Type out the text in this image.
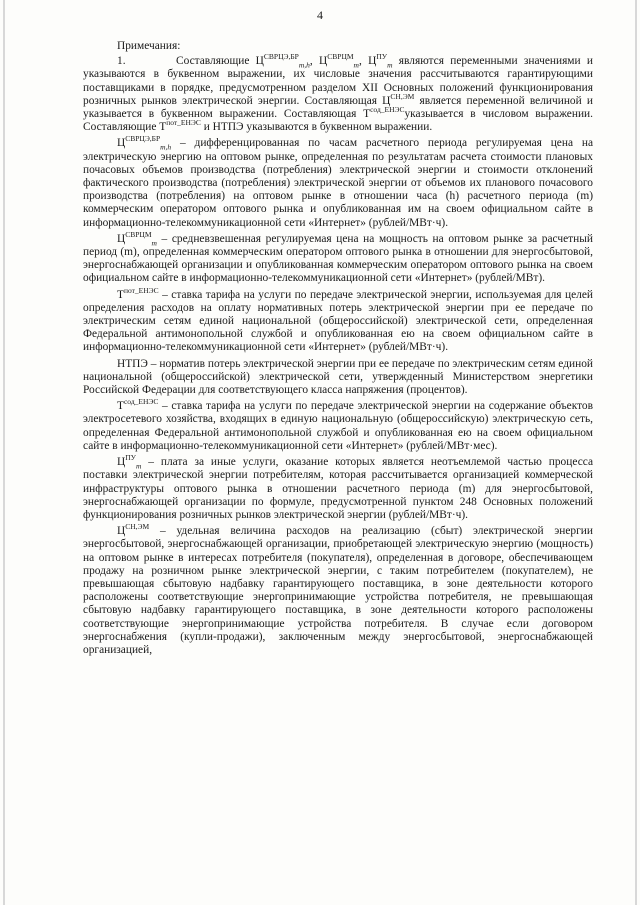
4

Примечания:

1.        Составляющие $Ц^{СВРЦЭ,БР}_{m,h}$, $Ц^{СВРЦМ}_m$, $Ц^{ПУ}_m$ являются переменными значениями и указываются в буквенном выражении, их числовые значения рассчитываются гарантирующими поставщиками в порядке, предусмотренном разделом XII Основных положений функционирования розничных рынков электрической энергии. Составляющая $Ц^{СН,ЭМ}$ является переменной величиной и указывается в буквенном выражении. Составляющая $Т^{сод\_ЕНЭС}указывается$ в числовом выражении. Составляющие $Т^{пот\_ЕНЭС}$ и НТПЭ указываются в буквенном выражении.

$Ц^{СВРЦЭ,БР}_{m,h}$ – дифференцированная по часам расчетного периода регулируемая цена на электрическую энергию на оптовом рынке, определенная по результатам расчета стоимости плановых почасовых объемов производства (потребления) электрической энергии и стоимости отклонений фактического производства (потребления) электрической энергии от объемов их планового почасового производства (потребления) на оптовом рынке в отношении часа (h) расчетного периода (m) коммерческим оператором оптового рынка и опубликованная им на своем официальном сайте в информационно-телекоммуникационной сети «Интернет» (рублей/МВт·ч).

$Ц^{СВРЦМ}_m$ – средневзвешенная регулируемая цена на мощность на оптовом рынке за расчетный период (m), определенная коммерческим оператором оптового рынка в отношении для энергосбытовой, энергоснабжающей организации и опубликованная коммерческим оператором оптового рынка на своем официальном сайте в информационно-телекоммуникационной сети «Интернет» (рублей/МВт).

$Т^{пот\_ЕНЭС}$ – ставка тарифа на услуги по передаче электрической энергии, используемая для целей определения расходов на оплату нормативных потерь электрической энергии при ее передаче по электрическим сетям единой национальной (общероссийской) электрической сети, определенная Федеральной антимонопольной службой и опубликованная ею на своем официальном сайте в информационно-телекоммуникационной сети «Интернет» (рублей/МВт·ч).

НТПЭ – норматив потерь электрической энергии при ее передаче по электрическим сетям единой национальной (общероссийской) электрической сети, утвержденный Министерством энергетики Российской Федерации для соответствующего класса напряжения (процентов).

$Т^{сод\_ЕНЭС}$ – ставка тарифа на услуги по передаче электрической энергии на содержание объектов электросетевого хозяйства, входящих в единую национальную (общероссийскую) электрическую сеть, определенная Федеральной антимонопольной службой и опубликованная ею на своем официальном сайте в информационно-телекоммуникационной сети «Интернет» (рублей/МВт·мес).

$Ц^{ПУ}_m$ – плата за иные услуги, оказание которых является неотъемлемой частью процесса поставки электрической энергии потребителям, которая рассчитывается организацией коммерческой инфраструктуры оптового рынка в отношении расчетного периода (m) для энергосбытовой, энергоснабжающей организации по формуле, предусмотренной пунктом 248 Основных положений функционирования розничных рынков электрической энергии (рублей/МВт·ч).

$Ц^{СН,ЭМ}$ – удельная величина расходов на реализацию (сбыт) электрической энергии энергосбытовой, энергоснабжающей организации, приобретающей электрическую энергию (мощность) на оптовом рынке в интересах потребителя (покупателя), определенная в договоре, обеспечивающем продажу на розничном рынке электрической энергии, с таким потребителем (покупателем), не превышающая сбытовую надбавку гарантирующего поставщика, в зоне деятельности которого расположены соответствующие энергопринимающие устройства потребителя, не превышающая сбытовую надбавку гарантирующего поставщика, в зоне деятельности которого расположены соответствующие энергопринимающие устройства потребителя. В случае если договором энергоснабжения (купли-продажи), заключенным между энергосбытовой, энергоснабжающей организацией,
